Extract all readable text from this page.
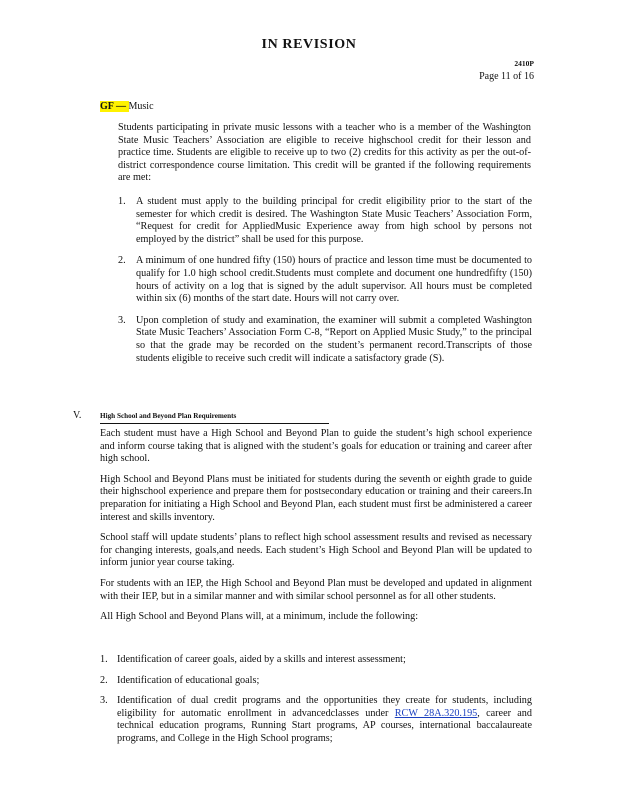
IN REVISION
2410P
Page 11 of 16
GF — Music

Students participating in private music lessons with a teacher who is a member of the Washington State Music Teachers’ Association are eligible to receive highschool credit for their lesson and practice time. Students are eligible to receive up to two (2) credits for this activity as per the out-of-district correspondence course limitation. This credit will be granted if the following requirements are met:

1.	A student must apply to the building principal for credit eligibility prior to the start of the semester for which credit is desired. The Washington State Music Teachers’ Association Form, “Request for credit for AppliedMusic Experience away from high school by persons not employed by the district” shall be used for this purpose.
2.	A minimum of one hundred fifty (150) hours of practice and lesson time must be documented to qualify for 1.0 high school credit.Students must complete and document one hundredfifty (150) hours of activity on a log that is signed by the adult supervisor. All hours must be completed within six (6) months of the start date. Hours will not carry over.
3.	Upon completion of study and examination, the examiner will submit a completed Washington State Music Teachers’ Association Form C-8, “Report on Applied Music Study,” to the principal so that the grade may be recorded on the student’s permanent record.Transcripts of those students eligible to receive such credit will indicate a satisfactory grade (S).
V.	High School and Beyond Plan Requirements

Each student must have a High School and Beyond Plan to guide the student’s high school experience and inform course taking that is aligned with the student’s goals for education or training and career after high school.

High School and Beyond Plans must be initiated for students during the seventh or eighth grade to guide their highschool experience and prepare them for postsecondary education or training and their careers.In preparation for initiating a High School and Beyond Plan, each student must first be administered a career interest and skills inventory.

School staff will update students’ plans to reflect high school assessment results and revised as necessary for changing interests, goals,and needs. Each student’s High School and Beyond Plan will be updated to inform junior year course taking.

For students with an IEP, the High School and Beyond Plan must be developed and updated in alignment with their IEP, but in a similar manner and with similar school personnel as for all other students.

All High School and Beyond Plans will, at a minimum, include the following:

1. Identification of career goals, aided by a skills and interest assessment;
2. Identification of educational goals;
3. Identification of dual credit programs and the opportunities they create for students, including eligibility for automatic enrollment in advancedclasses under RCW 28A.320.195, career and technical education programs, Running Start programs, AP courses, international baccalaureate programs, and College in the High School programs;
